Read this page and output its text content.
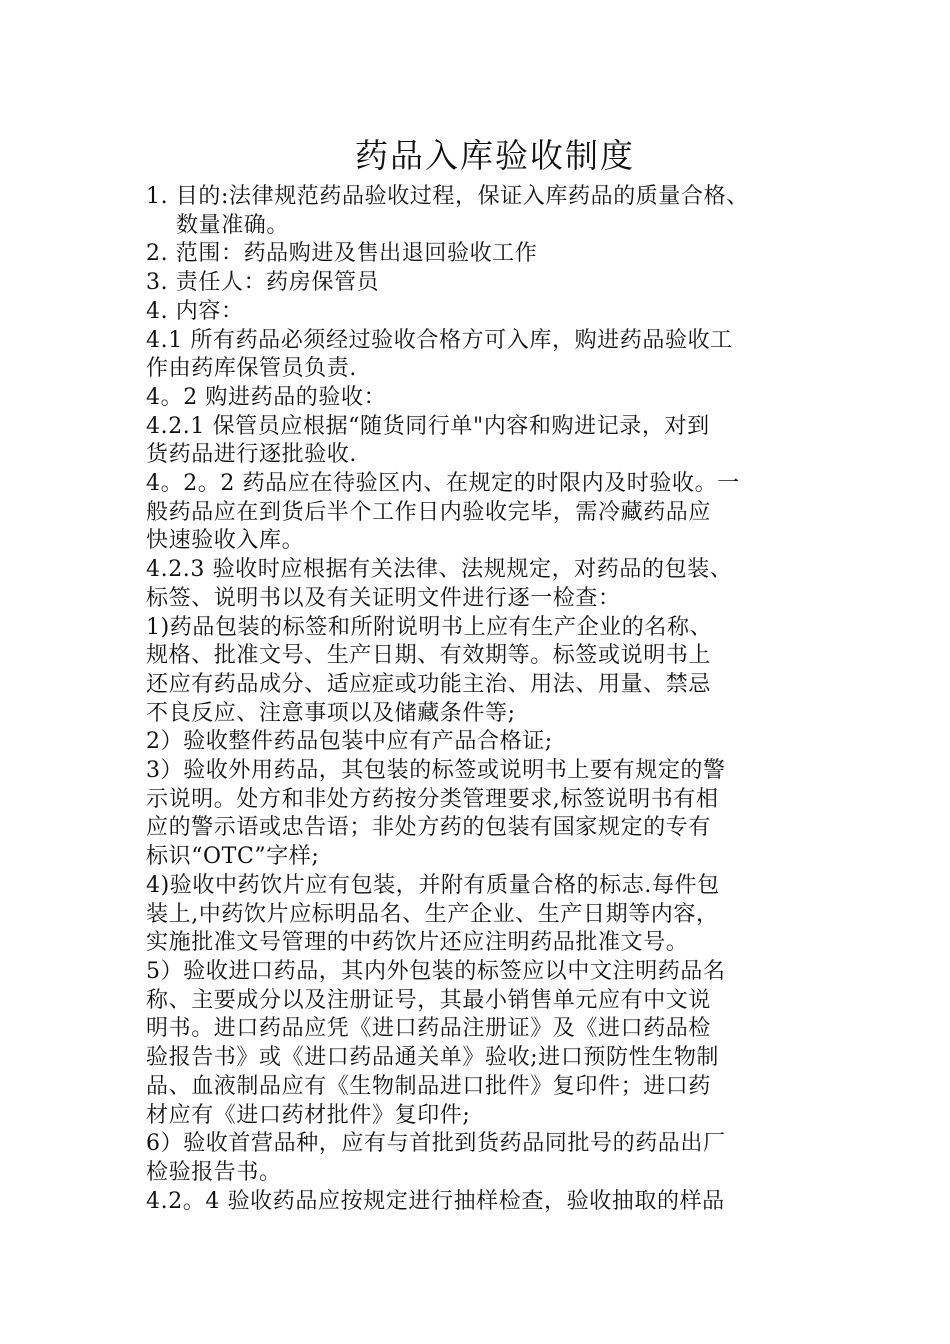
药品入库验收制度
1. 目的:法律规范药品验收过程，保证入库药品的质量合格、
数量准确。
2. 范围：药品购进及售出退回验收工作
3. 责任人：药房保管员
4. 内容：
4.1 所有药品必须经过验收合格方可入库，购进药品验收工
作由药库保管员负责.
4。2 购进药品的验收：
4.2.1 保管员应根据“随货同行单"内容和购进记录，对到
货药品进行逐批验收.
4。2。2 药品应在待验区内、在规定的时限内及时验收。一
般药品应在到货后半个工作日内验收完毕，需冷藏药品应
快速验收入库。
4.2.3 验收时应根据有关法律、法规规定，对药品的包装、
标签、说明书以及有关证明文件进行逐一检查：
1)药品包装的标签和所附说明书上应有生产企业的名称、
规格、批准文号、生产日期、有效期等。标签或说明书上
还应有药品成分、适应症或功能主治、用法、用量、禁忌
不良反应、注意事项以及储藏条件等;
2）验收整件药品包装中应有产品合格证;
3）验收外用药品，其包装的标签或说明书上要有规定的警
示说明。处方和非处方药按分类管理要求,标签说明书有相
应的警示语或忠告语；非处方药的包装有国家规定的专有
标识“OTC”字样;
4)验收中药饮片应有包装，并附有质量合格的标志.每件包
装上,中药饮片应标明品名、生产企业、生产日期等内容，
实施批准文号管理的中药饮片还应注明药品批准文号。
5）验收进口药品，其内外包装的标签应以中文注明药品名
称、主要成分以及注册证号，其最小销售单元应有中文说
明书。进口药品应凭《进口药品注册证》及《进口药品检
验报告书》或《进口药品通关单》验收;进口预防性生物制
品、血液制品应有《生物制品进口批件》复印件；进口药
材应有《进口药材批件》复印件;
6）验收首营品种，应有与首批到货药品同批号的药品出厂
检验报告书。
4.2。4 验收药品应按规定进行抽样检查，验收抽取的样品
